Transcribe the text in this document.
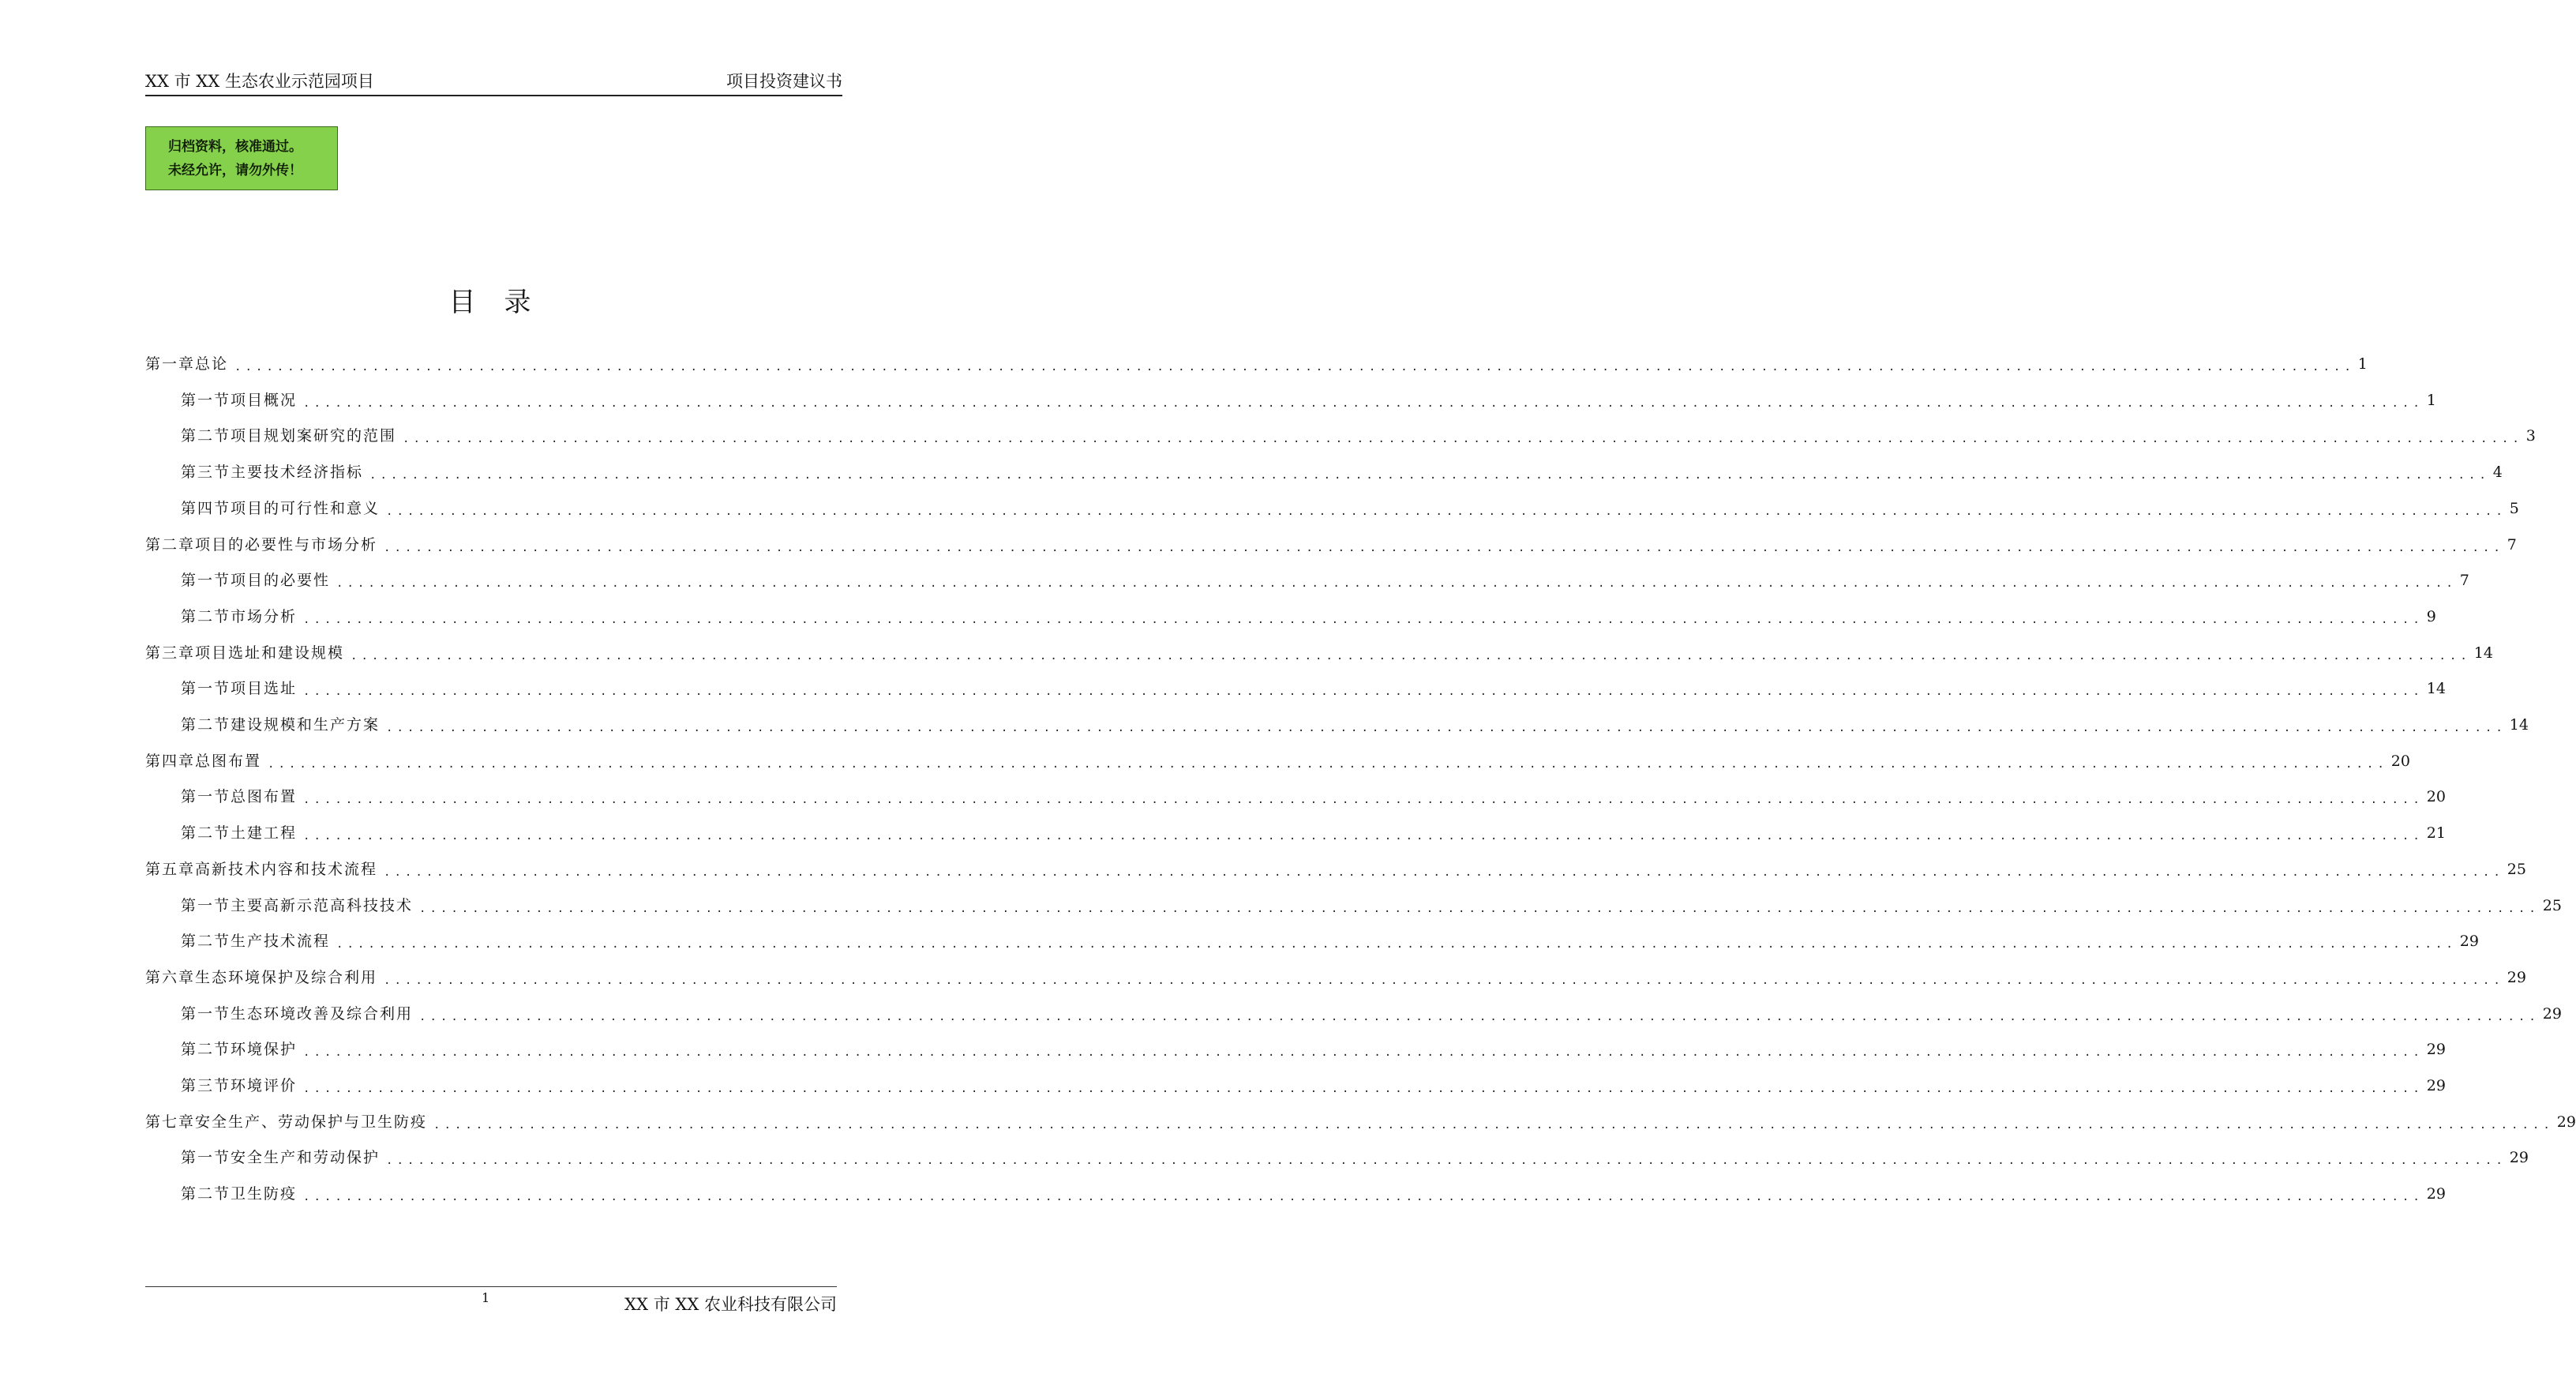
XX 市 XX 生态农业示范园项目	项目投资建议书
归档资料，核准通过。
未经允许，请勿外传！
目录
第一章 总论 ........................................................................................................................................................................................................ 1
第一节 项目概况 ........................................................................................................................................................................................................ 1
第二节 项目规划案研究的范围 ........................................................................................................................................................................................................ 3
第三节 主要技术经济指标 ........................................................................................................................................................................................................ 4
第四节 项目的可行性和意义 ........................................................................................................................................................................................................ 5
第二章 项目的必要性与市场分析 ........................................................................................................................................................................................................ 7
第一节 项目的必要性 ........................................................................................................................................................................................................ 7
第二节 市场分析 ........................................................................................................................................................................................................ 9
第三章 项目选址和建设规模 ........................................................................................................................................................................................................ 14
第一节 项目选址 ........................................................................................................................................................................................................ 14
第二节 建设规模和生产方案 ........................................................................................................................................................................................................ 14
第四章 总图布置 ........................................................................................................................................................................................................ 20
第一节 总图布置 ........................................................................................................................................................................................................ 20
第二节 土建工程 ........................................................................................................................................................................................................ 21
第五章 高新技术内容和技术流程 ........................................................................................................................................................................................................ 25
第一节 主要高新示范高科技技术 ........................................................................................................................................................................................................ 25
第二节 生产技术流程 ........................................................................................................................................................................................................ 29
第六章 生态环境保护及综合利用 ........................................................................................................................................................................................................ 29
第一节 生态环境改善及综合利用 ........................................................................................................................................................................................................ 29
第二节 环境保护 ........................................................................................................................................................................................................ 29
第三节 环境评价 ........................................................................................................................................................................................................ 29
第七章 安全生产、劳动保护与卫生防疫 ........................................................................................................................................................................................................ 29
第一节 安全生产和劳动保护 ........................................................................................................................................................................................................ 29
第二节 卫生防疫 ........................................................................................................................................................................................................ 29
1	XX 市 XX 农业科技有限公司
